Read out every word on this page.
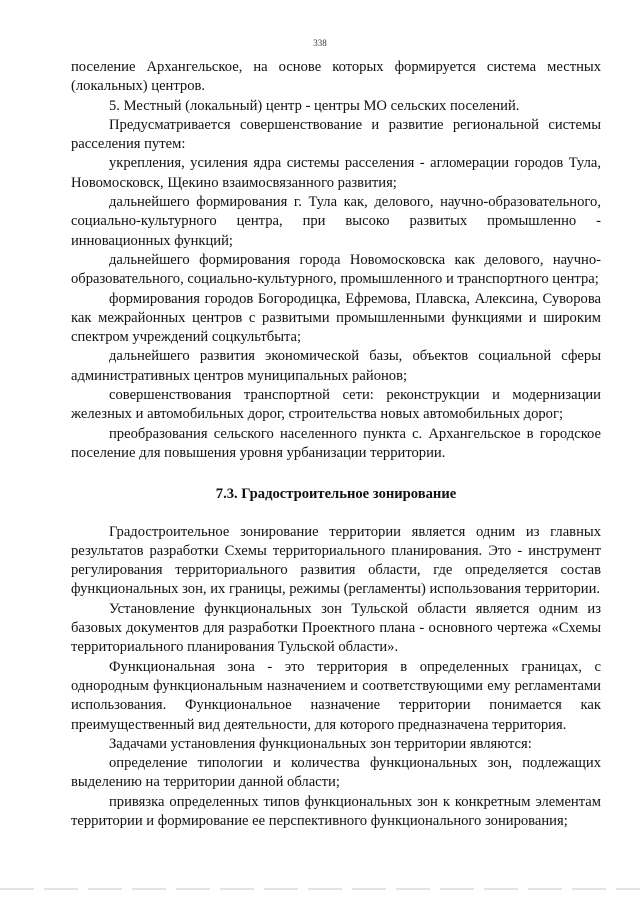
338

поселение Архангельское, на основе которых формируется система местных (локальных) центров.

5. Местный (локальный) центр - центры МО сельских поселений.

Предусматривается совершенствование и развитие региональной системы расселения путем:

укрепления, усиления ядра системы расселения - агломерации городов Тула, Новомосковск, Щекино взаимосвязанного развития;

дальнейшего формирования г. Тула как, делового, научно-образовательного, социально-культурного центра, при высоко развитых промышленно - инновационных функций;

дальнейшего формирования города Новомосковска как делового, научно-образовательного, социально-культурного, промышленного и транспортного центра;

формирования городов Богородицка, Ефремова, Плавска, Алексина, Суворова как межрайонных центров с развитыми промышленными функциями и широким спектром учреждений соцкультбыта;

дальнейшего развития экономической базы, объектов социальной сферы административных центров муниципальных районов;

совершенствования транспортной сети: реконструкции и модернизации железных и автомобильных дорог, строительства новых автомобильных дорог;

преобразования сельского населенного пункта с. Архангельское в городское поселение для повышения уровня урбанизации территории.

7.3. Градостроительное зонирование

Градостроительное зонирование территории является одним из главных результатов разработки Схемы территориального планирования. Это - инструмент регулирования территориального развития области, где определяется состав функциональных зон, их границы, режимы (регламенты) использования территории.

Установление функциональных зон Тульской области является одним из базовых документов для разработки Проектного плана - основного чертежа «Схемы территориального планирования Тульской области».

Функциональная зона - это территория в определенных границах, с однородным функциональным назначением и соответствующими ему регламентами использования. Функциональное назначение территории понимается как преимущественный вид деятельности, для которого предназначена территория.

Задачами установления функциональных зон территории являются:

определение типологии и количества функциональных зон, подлежащих выделению на территории данной области;

привязка определенных типов функциональных зон к конкретным элементам территории и формирование ее перспективного функционального зонирования;
